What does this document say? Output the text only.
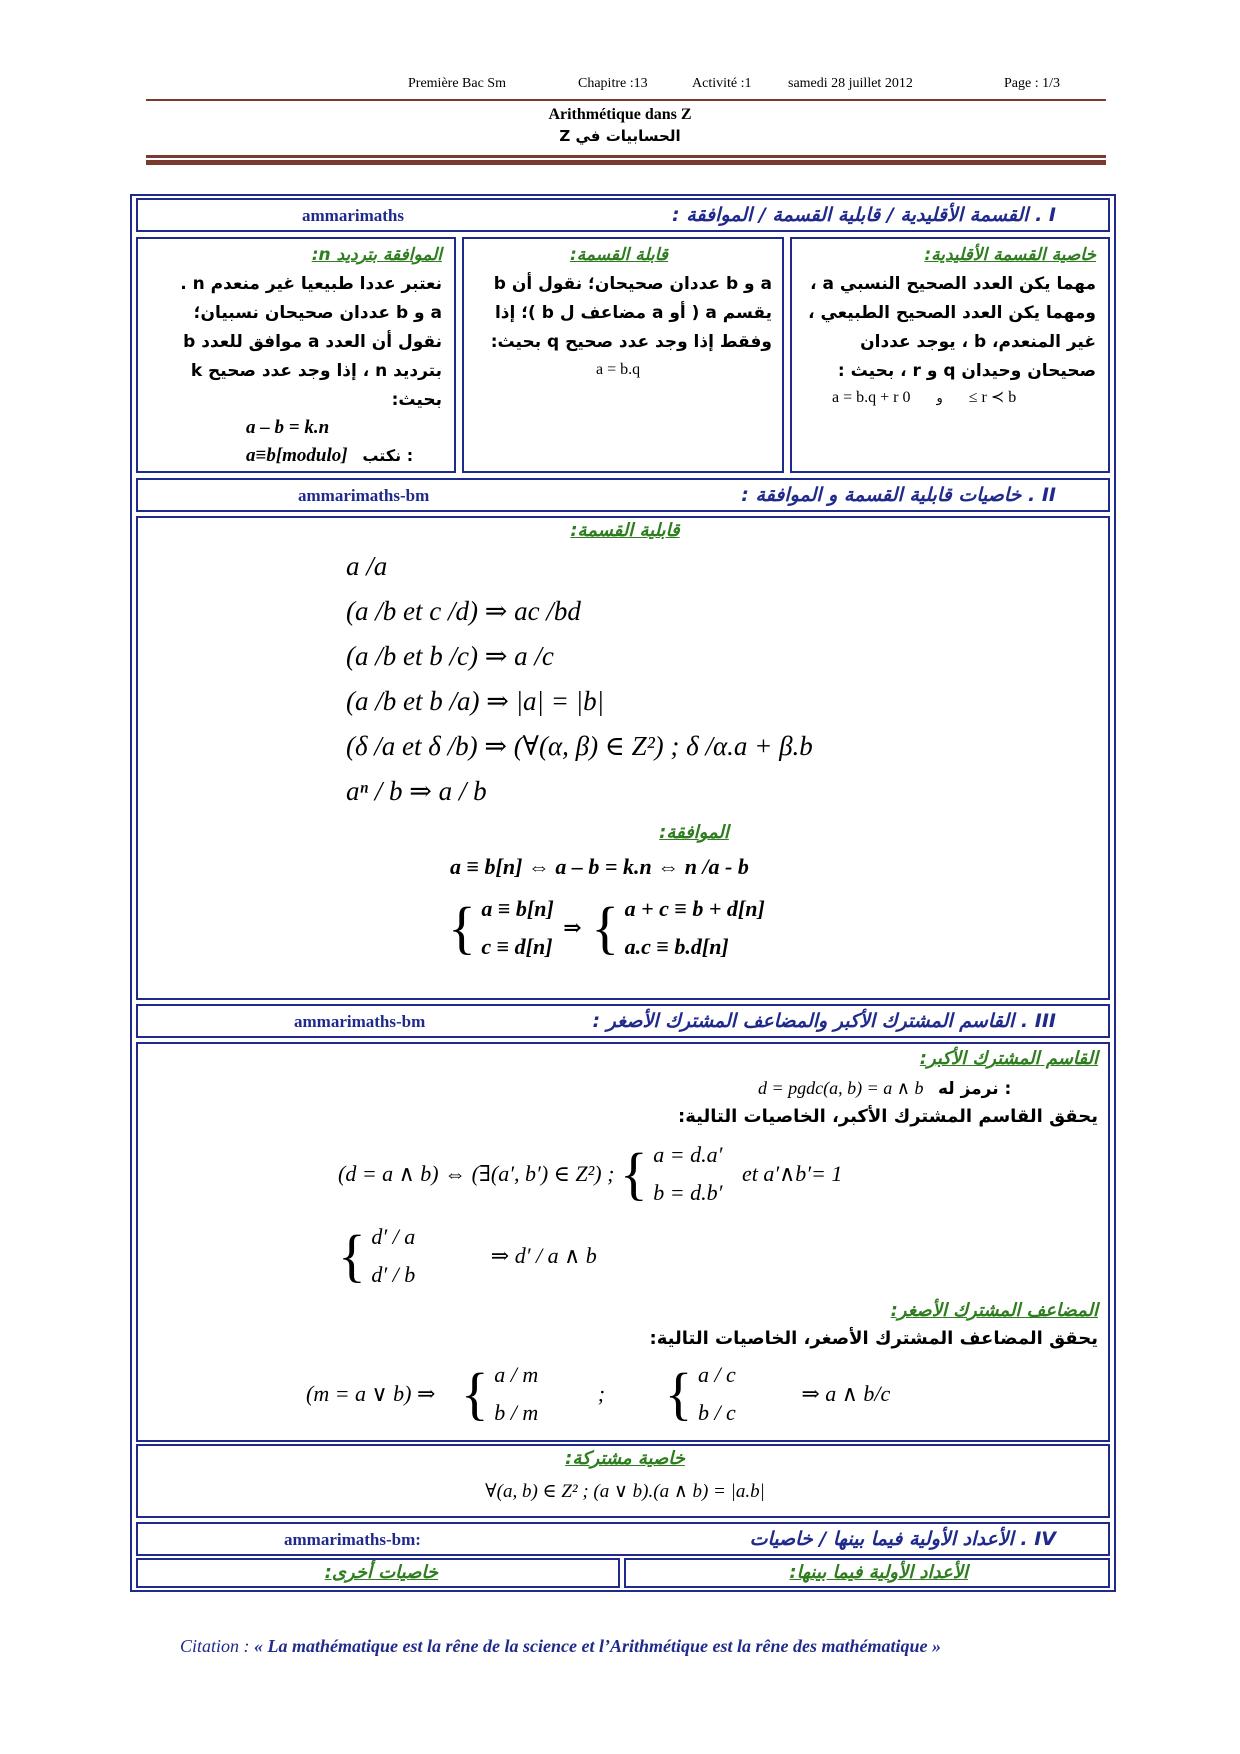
Première Bac Sm	Chapitre :13	Activité :1	samedi 28 juillet 2012	Page : 1/3
Arithmétique dans Z
الحسابيات في Z
I . القسمة الأقليدية / قابلية القسمة / الموافقة :
ammarimaths
خاصية القسمة الأقليدية:
مهما يكن العدد الصحيح النسبي a ،
ومهما يكن العدد الصحيح الطبيعي ،
غير المنعدم، b ، يوجد عددان
صحيحان وحيدان q و r ، بحيث :
a = b.q + r	و 0 ≤ r ≺ b
قابلة القسمة:
a و b عددان صحيحان؛ نقول أن b
يقسم a ( أو a مضاعف ل b )؛ إذا
وفقط إذا وجد عدد صحيح q بحيث:
a = b.q
الموافقة بترديد n:
نعتبر عددا طبيعيا غير منعدم n .
a و b عددان صحيحان نسبيان؛
نقول أن العدد a موافق للعدد b
بترديد n ، إذا وجد عدد صحيح k
بحيث:
a – b = k.n
a≡b[modulo] نكتب :
II . خاصيات قابلية القسمة و الموافقة :
ammarimaths-bm
قابلية القسمة:
a /a
(a /b et c /d) ⇒ ac /bd
(a /b et b /c) ⇒ a /c
(a /b et b /a) ⇒ |a| = |b|
(δ /a et δ /b) ⇒ (∀(α, β) ∈ Z²) ; δ /α.a + β.b
aⁿ / b ⇒ a / b
الموافقة:
a ≡ b[n] ⇔ a – b = k.n ⇔ n /a - b
{ a ≡ b[n]
c ≡ d[n]
⇒ { a + c ≡ b + d[n]
a.c ≡ b.d[n]
III . القاسم المشترك الأكبر والمضاعف المشترك الأصغر :
ammarimaths-bm
القاسم المشترك الأكبر:
d = pgdc(a, b) = a ∧ b نرمز له :
يحقق القاسم المشترك الأكبر، الخاصيات التالية:
(d = a ∧ b) ⇔ (∃(a′, b′) ∈ Z²) ; { a = d.a′
b = d.b′
et a′∧b′= 1
{ d′ / a
d′ / b
⇒ d′ / a ∧ b
المضاعف المشترك الأصغر:
يحقق المضاعف المشترك الأصغر، الخاصيات التالية:
(m = a ∨ b) ⇒ { a / m
b / m
; { a / c
b / c
⇒ a ∧ b/c
خاصية مشتركة:
∀(a, b) ∈ Z² ; (a ∨ b).(a ∧ b) = |a.b|
IV . الأعداد الأولية فيما بينها / خاصيات
ammarimaths-bm:
الأعداد الأولية فيما بينها:
خاصيات أخرى:
Citation : « La mathématique est la rêne de la science et l’Arithmétique est la rêne des mathématique »
